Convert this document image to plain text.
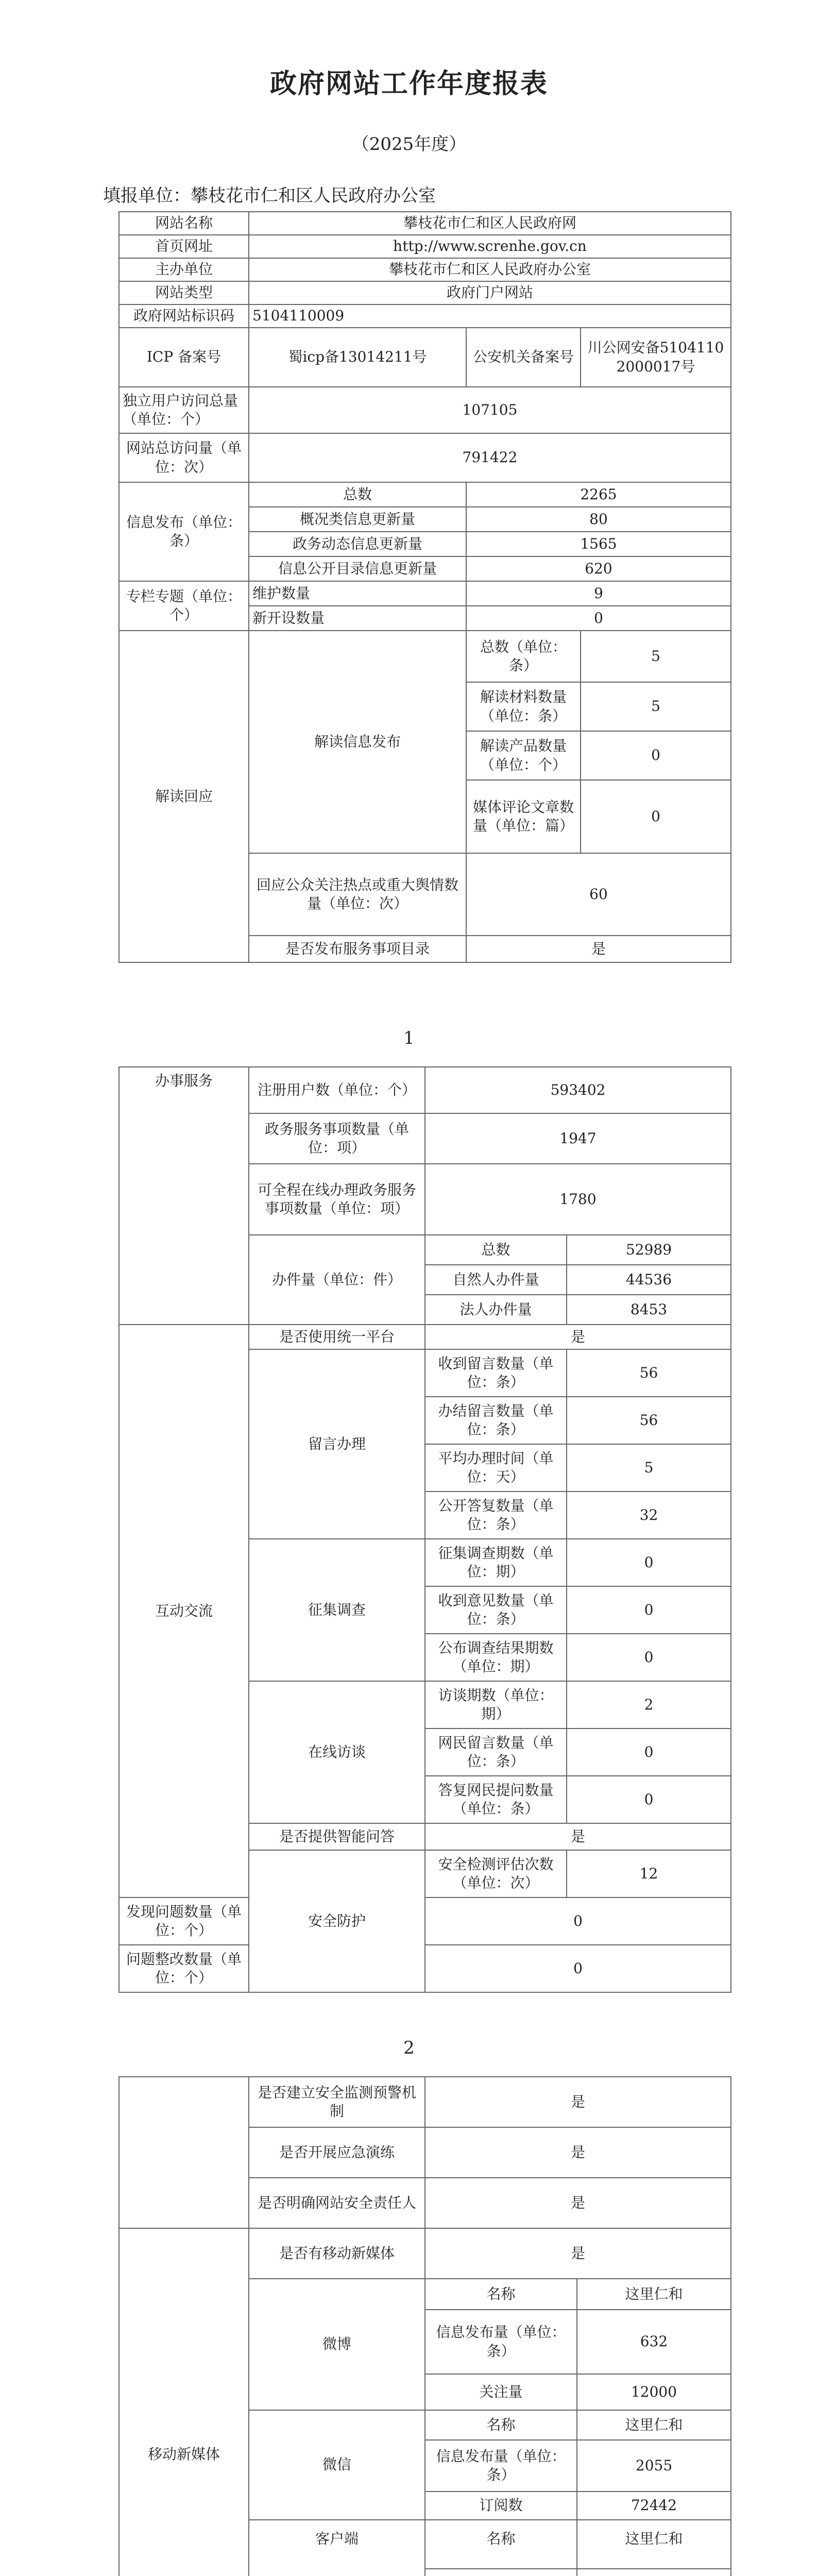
政府网站工作年度报表
（2025年度）
填报单位：攀枝花市仁和区人民政府办公室
网站名称	攀枝花市仁和区人民政府网		
首页网址	http://www.screnhe.gov.cn		
主办单位	攀枝花市仁和区人民政府办公室		
网站类型	政府门户网站		
政府网站标识码	5104110009		
ICP 备案号	蜀icp备13014211号	公安机关备案号	川公网安备51041102000017号
独立用户访问总量（单位：个）	107105		
网站总访问量（单位：次）	791422		
信息发布（单位：条）	总数	2265	
	概况类信息更新量	80	
	政务动态信息更新量	1565	
	信息公开目录信息更新量	620	
专栏专题（单位：个）	维护数量	9	
	新开设数量	0	
解读回应	解读信息发布	总数（单位：条）	5
		解读材料数量（单位：条）	5
		解读产品数量（单位：个）	0
		媒体评论文章数量（单位：篇）	0
	回应公众关注热点或重大舆情数量（单位：次）	60	
	是否发布服务事项目录	是	
1
办事服务	注册用户数（单位：个）	593402	
	政务服务事项数量（单位：项）	1947	
	可全程在线办理政务服务事项数量（单位：项）	1780	
	办件量（单位：件）	总数	52989
		自然人办件量	44536
		法人办件量	8453
互动交流	是否使用统一平台	是	
	留言办理	收到留言数量（单位：条）	56
		办结留言数量（单位：条）	56
		平均办理时间（单位：天）	5
		公开答复数量（单位：条）	32
	征集调查	征集调查期数（单位：期）	0
		收到意见数量（单位：条）	0
		公布调查结果期数（单位：期）	0
	在线访谈	访谈期数（单位：期）	2
		网民留言数量（单位：条）	0
		答复网民提问数量（单位：条）	0
	是否提供智能问答	是	
	安全防护	安全检测评估次数（单位：次）	12
发现问题数量（单位：个）		0	
问题整改数量（单位：个）		0	
2
	是否建立安全监测预警机制	是	
	是否开展应急演练	是	
	是否明确网站安全责任人	是	
移动新媒体	是否有移动新媒体	是	
	微博	名称	这里仁和
		信息发布量（单位：条）	632
		关注量	12000
	微信	名称	这里仁和
		信息发布量（单位：条）	2055
		订阅数	72442
	客户端	名称	这里仁和
